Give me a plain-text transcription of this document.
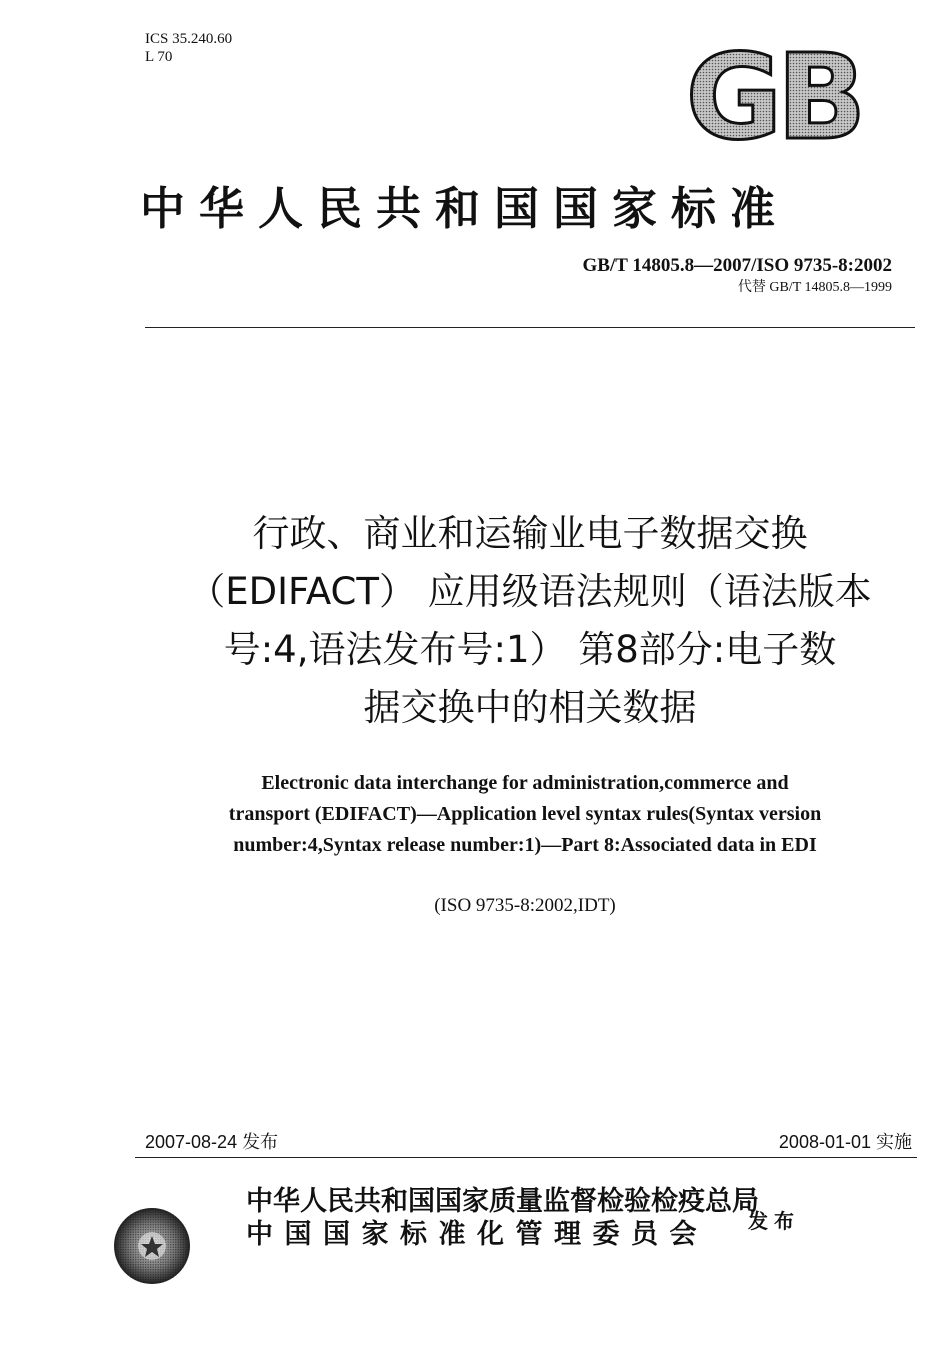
ICS 35.240.60
L 70	GB
中华人民共和国国家标准
GB/T 14805.8—2007/ISO 9735-8:2002
代替 GB/T 14805.8—1999
行政、商业和运输业电子数据交换
（EDIFACT） 应用级语法规则（语法版本
号:4,语法发布号:1） 第8部分:电子数
据交换中的相关数据
Electronic data interchange for administration,commerce and
transport (EDIFACT)—Application level syntax rules(Syntax version
number:4,Syntax release number:1)—Part 8:Associated data in EDI
(ISO 9735-8:2002,IDT)
2007-08-24 发布	2008-01-01 实施
中华人民共和国国家质量监督检验检疫总局
中国国家标准化管理委员会	发布
